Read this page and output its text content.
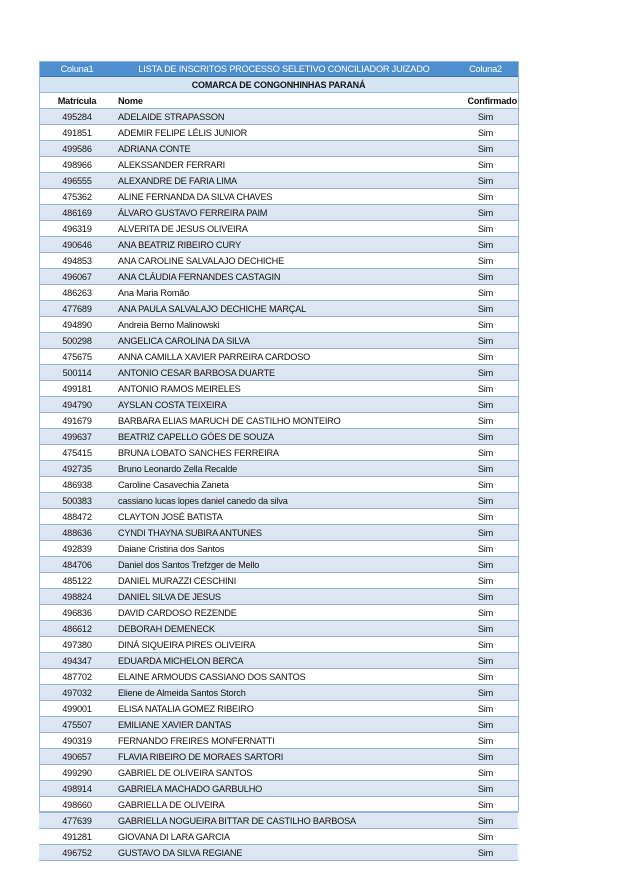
Coluna1	LISTA DE INSCRITOS PROCESSO SELETIVO CONCILIADOR JUIZADO	Coluna2
COMARCA DE CONGONHINHAS PARANÁ		
Matrícula	Nome	Confirmado
495284	ADELAIDE STRAPASSON	Sim
491851	ADEMIR FELIPE LÉLIS JUNIOR	Sim
499586	ADRIANA CONTE	Sim
498966	ALEKSSANDER FERRARI	Sim
496555	ALEXANDRE DE FARIA LIMA	Sim
475362	ALINE FERNANDA DA SILVA CHAVES	Sim
486169	ÁLVARO GUSTAVO FERREIRA PAIM	Sim
496319	ALVERITA DE JESUS OLIVEIRA	Sim
490646	ANA BEATRIZ RIBEIRO CURY	Sim
494853	ANA CAROLINE SALVALAJO DECHICHE	Sim
496067	ANA CLÁUDIA FERNANDES CASTAGIN	Sim
486263	Ana Maria Romão	Sim
477689	ANA PAULA SALVALAJO DECHICHE MARÇAL	Sim
494890	Andreia Berno Malinowski	Sim
500298	ANGELICA CAROLINA DA SILVA	Sim
475675	ANNA CAMILLA XAVIER PARREIRA CARDOSO	Sim
500114	ANTONIO CESAR BARBOSA DUARTE	Sim
499181	ANTONIO RAMOS MEIRELES	Sim
494790	AYSLAN COSTA TEIXEIRA	Sim
491679	BARBARA ELIAS MARUCH DE CASTILHO MONTEIRO	Sim
499637	BEATRIZ CAPELLO GÓES DE SOUZA	Sim
475415	BRUNA LOBATO SANCHES FERREIRA	Sim
492735	Bruno Leonardo Zella Recalde	Sim
486938	Caroline Casavechia Zaneta	Sim
500383	cassiano lucas lopes daniel canedo da silva	Sim
488472	CLAYTON JOSÉ BATISTA	Sim
488636	CYNDI THAYNA SUBIRA ANTUNES	Sim
492839	Daiane Cristina dos Santos	Sim
484706	Daniel dos Santos Trefzger de Mello	Sim
485122	DANIEL MURAZZI CESCHINI	Sim
498824	DANIEL SILVA DE JESUS	Sim
496836	DAVID CARDOSO REZENDE	Sim
486612	DEBORAH DEMENECK	Sim
497380	DINÁ SIQUEIRA PIRES OLIVEIRA	Sim
494347	EDUARDA MICHELON BERCA	Sim
487702	ELAINE ARMOUDS CASSIANO DOS SANTOS	Sim
497032	Eliene de Almeida Santos Storch	Sim
499001	ELISA NATALIA GOMEZ RIBEIRO	Sim
475507	EMILIANE XAVIER DANTAS	Sim
490319	FERNANDO FREIRES MONFERNATTI	Sim
490657	FLAVIA RIBEIRO DE MORAES SARTORI	Sim
499290	GABRIEL DE OLIVEIRA SANTOS	Sim
498914	GABRIELA MACHADO GARBULHO	Sim
498660	GABRIELLA DE OLIVEIRA	Sim
477639	GABRIELLA NOGUEIRA BITTAR DE CASTILHO BARBOSA	Sim
491281	GIOVANA DI LARA GARCIA	Sim
496752	GUSTAVO DA SILVA REGIANE	Sim
